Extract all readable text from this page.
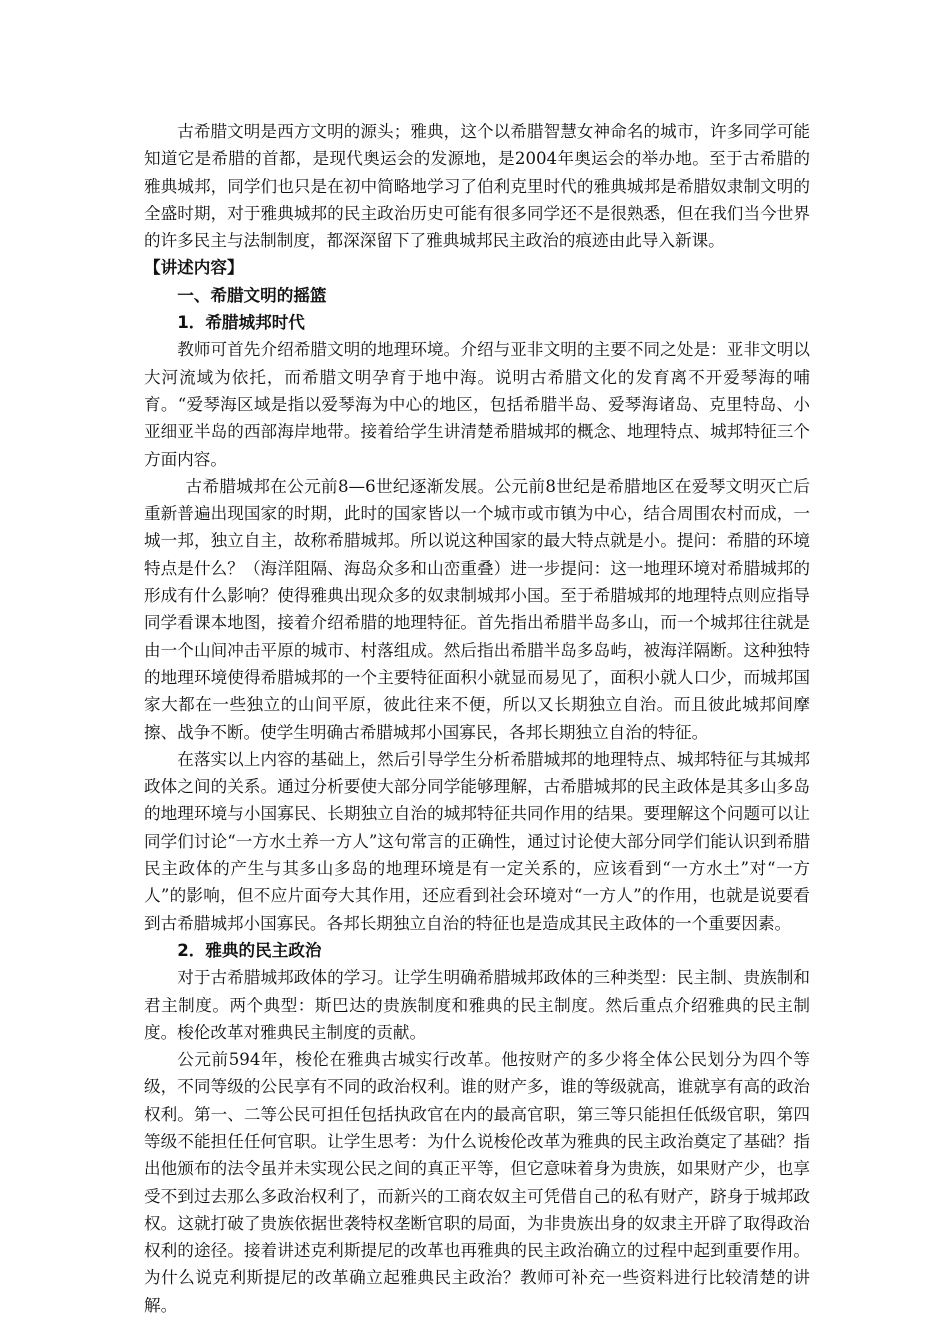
古希腊文明是西方文明的源头；雅典，这个以希腊智慧女神命名的城市，许多同学可能知道它是希腊的首都，是现代奥运会的发源地，是2004年奥运会的举办地。至于古希腊的雅典城邦，同学们也只是在初中简略地学习了伯利克里时代的雅典城邦是希腊奴隶制文明的全盛时期，对于雅典城邦的民主政治历史可能有很多同学还不是很熟悉，但在我们当今世界的许多民主与法制制度，都深深留下了雅典城邦民主政治的痕迹由此导入新课。

【讲述内容】

一、希腊文明的摇篮

1．希腊城邦时代

教师可首先介绍希腊文明的地理环境。介绍与亚非文明的主要不同之处是：亚非文明以大河流域为依托，而希腊文明孕育于地中海。说明古希腊文化的发育离不开爱琴海的哺育。“爱琴海区域是指以爱琴海为中心的地区，包括希腊半岛、爱琴海诸岛、克里特岛、小亚细亚半岛的西部海岸地带。接着给学生讲清楚希腊城邦的概念、地理特点、城邦特征三个方面内容。

古希腊城邦在公元前8—6世纪逐渐发展。公元前8世纪是希腊地区在爱琴文明灭亡后重新普遍出现国家的时期，此时的国家皆以一个城市或市镇为中心，结合周围农村而成，一城一邦，独立自主，故称希腊城邦。所以说这种国家的最大特点就是小。提问：希腊的环境特点是什么？（海洋阻隔、海岛众多和山峦重叠）进一步提问：这一地理环境对希腊城邦的形成有什么影响？使得雅典出现众多的奴隶制城邦小国。至于希腊城邦的地理特点则应指导同学看课本地图，接着介绍希腊的地理特征。首先指出希腊半岛多山，而一个城邦往往就是由一个山间冲击平原的城市、村落组成。然后指出希腊半岛多岛屿，被海洋隔断。这种独特的地理环境使得希腊城邦的一个主要特征面积小就显而易见了，面积小就人口少，而城邦国家大都在一些独立的山间平原，彼此往来不便，所以又长期独立自治。而且彼此城邦间摩擦、战争不断。使学生明确古希腊城邦小国寡民，各邦长期独立自治的特征。

在落实以上内容的基础上，然后引导学生分析希腊城邦的地理特点、城邦特征与其城邦政体之间的关系。通过分析要使大部分同学能够理解，古希腊城邦的民主政体是其多山多岛的地理环境与小国寡民、长期独立自治的城邦特征共同作用的结果。要理解这个问题可以让同学们讨论“一方水土养一方人”这句常言的正确性，通过讨论使大部分同学们能认识到希腊民主政体的产生与其多山多岛的地理环境是有一定关系的，应该看到“一方水土”对“一方人”的影响，但不应片面夸大其作用，还应看到社会环境对“一方人”的作用，也就是说要看到古希腊城邦小国寡民。各邦长期独立自治的特征也是造成其民主政体的一个重要因素。

2．雅典的民主政治

对于古希腊城邦政体的学习。让学生明确希腊城邦政体的三种类型：民主制、贵族制和君主制度。两个典型：斯巴达的贵族制度和雅典的民主制度。然后重点介绍雅典的民主制度。梭伦改革对雅典民主制度的贡献。

公元前594年，梭伦在雅典古城实行改革。他按财产的多少将全体公民划分为四个等级，不同等级的公民享有不同的政治权利。谁的财产多，谁的等级就高，谁就享有高的政治权利。第一、二等公民可担任包括执政官在内的最高官职，第三等只能担任低级官职，第四等级不能担任任何官职。让学生思考：为什么说梭伦改革为雅典的民主政治奠定了基础？指出他颁布的法令虽并未实现公民之间的真正平等，但它意味着身为贵族，如果财产少，也享受不到过去那么多政治权利了，而新兴的工商农奴主可凭借自己的私有财产，跻身于城邦政权。这就打破了贵族依据世袭特权垄断官职的局面，为非贵族出身的奴隶主开辟了取得政治权利的途径。接着讲述克利斯提尼的改革也再雅典的民主政治确立的过程中起到重要作用。为什么说克利斯提尼的改革确立起雅典民主政治？教师可补充一些资料进行比较清楚的讲解。
